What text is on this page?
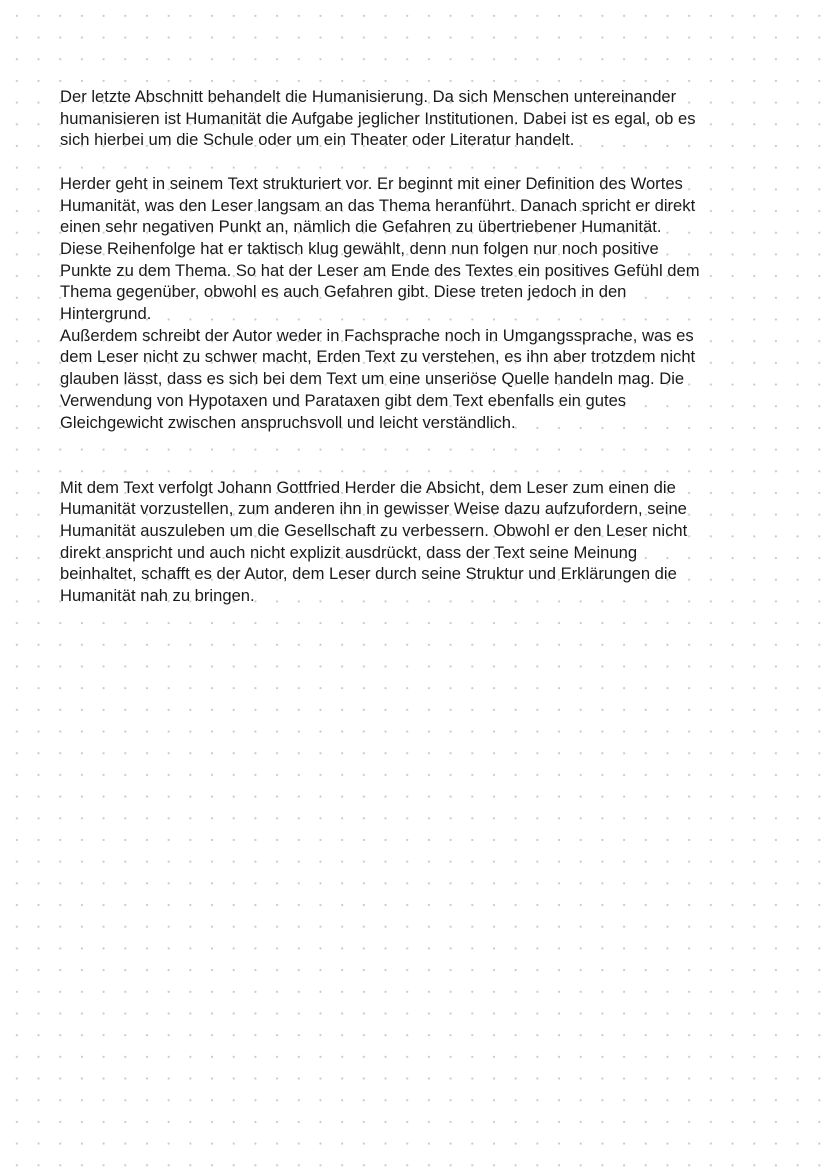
Der letzte Abschnitt behandelt die Humanisierung. Da sich Menschen untereinander
humanisieren ist Humanität die Aufgabe jeglicher Institutionen. Dabei ist es egal, ob es
sich hierbei um die Schule oder um ein Theater oder Literatur handelt.
Herder geht in seinem Text strukturiert vor. Er beginnt mit einer Definition des Wortes
Humanität, was den Leser langsam an das Thema heranführt. Danach spricht er direkt
einen sehr negativen Punkt an, nämlich die Gefahren zu übertriebener Humanität.
Diese Reihenfolge hat er taktisch klug gewählt, denn nun folgen nur noch positive
Punkte zu dem Thema. So hat der Leser am Ende des Textes ein positives Gefühl dem
Thema gegenüber, obwohl es auch Gefahren gibt. Diese treten jedoch in den
Hintergrund.
Außerdem schreibt der Autor weder in Fachsprache noch in Umgangssprache, was es
dem Leser nicht zu schwer macht, Erden Text zu verstehen, es ihn aber trotzdem nicht
glauben lässt, dass es sich bei dem Text um eine unseriöse Quelle handeln mag. Die
Verwendung von Hypotaxen und Parataxen gibt dem Text ebenfalls ein gutes
Gleichgewicht zwischen anspruchsvoll und leicht verständlich.
Mit dem Text verfolgt Johann Gottfried Herder die Absicht, dem Leser zum einen die
Humanität vorzustellen, zum anderen ihn in gewisser Weise dazu aufzufordern, seine
Humanität auszuleben um die Gesellschaft zu verbessern. Obwohl er den Leser nicht
direkt anspricht und auch nicht explizit ausdrückt, dass der Text seine Meinung
beinhaltet, schafft es der Autor, dem Leser durch seine Struktur und Erklärungen die
Humanität nah zu bringen.
